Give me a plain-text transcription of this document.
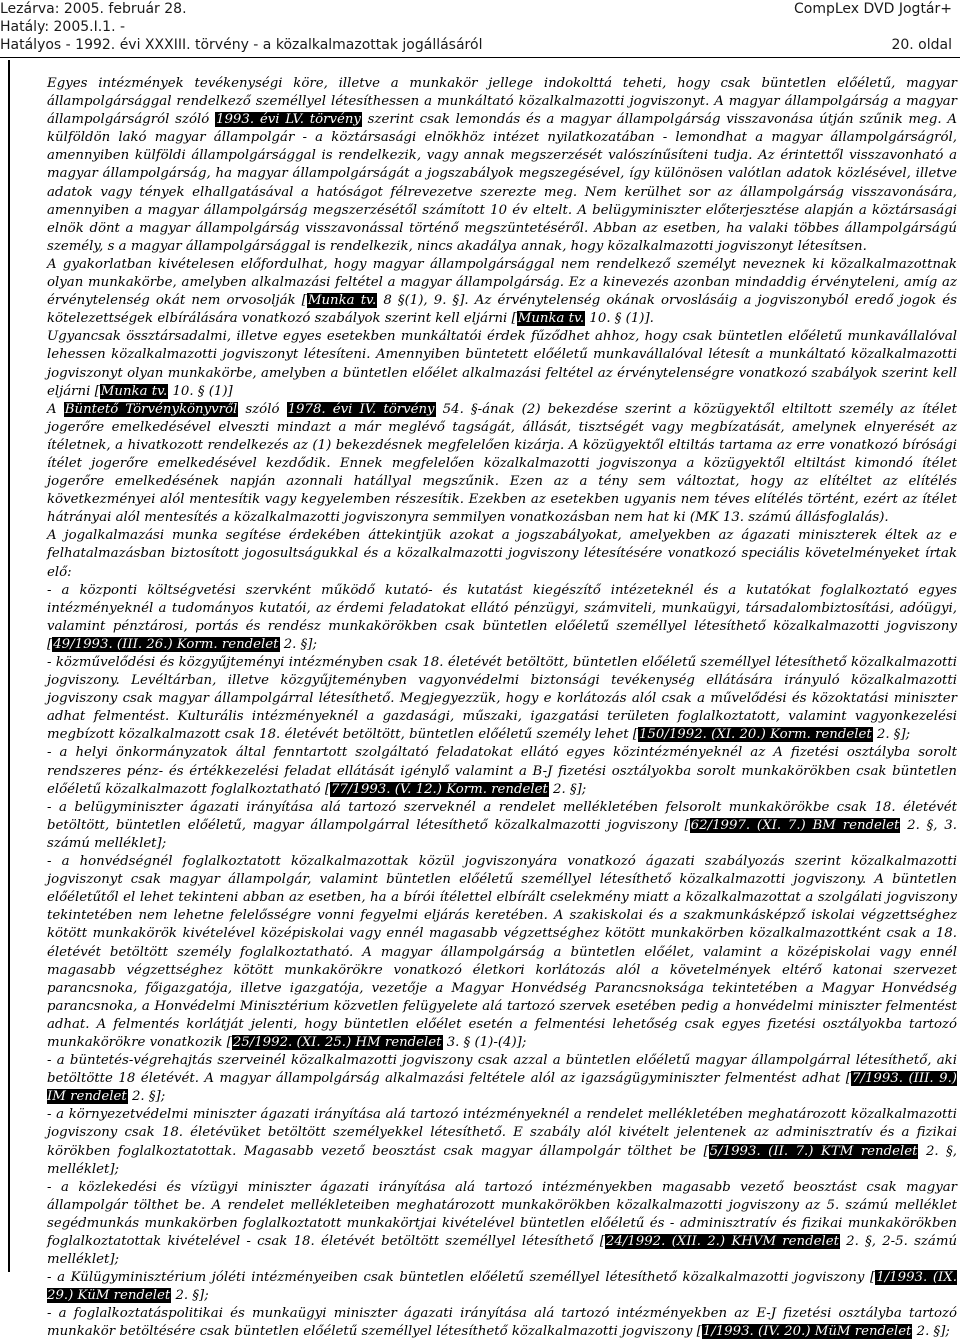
Lezárva: 2005. február 28.	CompLex DVD Jogtár+
Hatály: 2005.I.1. -
Hatályos - 1992. évi XXXIII. törvény - a közalkalmazottak jogállásáról	20. oldal

Egyes intézmények tevékenységi köre, illetve a munkakör jellege indokolttá teheti, hogy csak büntetlen előéletű, magyar állampolgársággal rendelkező személlyel létesíthessen a munkáltató közalkalmazotti jogviszonyt. A magyar állampolgárság a magyar állampolgárságról szóló 1993. évi LV. törvény szerint csak lemondás és a magyar állampolgárság visszavonása útján szűnik meg. A külföldön lakó magyar állampolgár - a köztársasági elnökhöz intézet nyilatkozatában - lemondhat a magyar állampolgárságról, amennyiben külföldi állampolgársággal is rendelkezik, vagy annak megszerzését valószínűsíteni tudja. Az érintettől visszavonható a magyar állampolgárság, ha magyar állampolgárságát a jogszabályok megszegésével, így különösen valótlan adatok közlésével, illetve adatok vagy tények elhallgatásával a hatóságot félrevezetve szerezte meg. Nem kerülhet sor az állampolgárság visszavonására, amennyiben a magyar állampolgárság megszerzésétől számított 10 év eltelt. A belügyminiszter előterjesztése alapján a köztársasági elnök dönt a magyar állampolgárság visszavonással történő megszüntetéséről. Abban az esetben, ha valaki többes állampolgárságú személy, s a magyar állampolgársággal is rendelkezik, nincs akadálya annak, hogy közalkalmazotti jogviszonyt létesítsen.

A gyakorlatban kivételesen előfordulhat, hogy magyar állampolgársággal nem rendelkező személyt neveznek ki közalkalmazottnak olyan munkakörbe, amelyben alkalmazási feltétel a magyar állampolgárság. Ez a kinevezés azonban mindaddig érvényteleni, amíg az érvénytelenség okát nem orvosolják [Munka tv. 8 §(1), 9. §]. Az érvénytelenség okának orvoslásáig a jogviszonyból eredő jogok és kötelezettségek elbírálására vonatkozó szabályok szerint kell eljárni [Munka tv. 10. § (1)].

Ugyancsak össztársadalmi, illetve egyes esetekben munkáltatói érdek fűződhet ahhoz, hogy csak büntetlen előéletű munkavállalóval lehessen közalkalmazotti jogviszonyt létesíteni. Amennyiben büntetett előéletű munkavállalóval létesít a munkáltató közalkalmazotti jogviszonyt olyan munkakörbe, amelyben a büntetlen előélet alkalmazási feltétel az érvénytelenségre vonatkozó szabályok szerint kell eljárni [Munka tv. 10. § (1)]

A Büntető Törvénykönyvről szóló 1978. évi IV. törvény 54. §-ának (2) bekezdése szerint a közügyektől eltiltott személy az ítélet jogerőre emelkedésével elveszti mindazt a már meglévő tagságát, állását, tisztségét vagy megbízatását, amelynek elnyerését az ítéletnek, a hivatkozott rendelkezés az (1) bekezdésnek megfelelően kizárja. A közügyektől eltiltás tartama az erre vonatkozó bírósági ítélet jogerőre emelkedésével kezdődik. Ennek megfelelően közalkalmazotti jogviszonya a közügyektől eltiltást kimondó ítélet jogerőre emelkedésének napján azonnali hatállyal megszűnik. Ezen az a tény sem változtat, hogy az elítéltet az elítélés következményei alól mentesítik vagy kegyelemben részesítik. Ezekben az esetekben ugyanis nem téves elítélés történt, ezért az ítélet hátrányai alól mentesítés a közalkalmazotti jogviszonyra semmilyen vonatkozásban nem hat ki (MK 13. számú állásfoglalás).

A jogalkalmazási munka segítése érdekében áttekintjük azokat a jogszabályokat, amelyekben az ágazati miniszterek éltek az e felhatalmazásban biztosított jogosultságukkal és a közalkalmazotti jogviszony létesítésére vonatkozó speciális követelményeket írtak elő:

- a központi költségvetési szervként működő kutató- és kutatást kiegészítő intézeteknél és a kutatókat foglalkoztató egyes intézményeknél a tudományos kutatói, az érdemi feladatokat ellátó pénzügyi, számviteli, munkaügyi, társadalombiztosítási, adóügyi, valamint pénztárosi, portás és rendész munkakörökben csak büntetlen előéletű személlyel létesíthető közalkalmazotti jogviszony [49/1993. (III. 26.) Korm. rendelet 2. §];

- közművelődési és közgyűjteményi intézményben csak 18. életévét betöltött, büntetlen előéletű személlyel létesíthető közalkalmazotti jogviszony. Levéltárban, illetve közgyűjteményben vagyonvédelmi biztonsági tevékenység ellátására irányuló közalkalmazotti jogviszony csak magyar állampolgárral létesíthető. Megjegyezzük, hogy e korlátozás alól csak a művelődési és közoktatási miniszter adhat felmentést. Kulturális intézményeknél a gazdasági, műszaki, igazgatási területen foglalkoztatott, valamint vagyonkezelési megbízott közalkalmazott csak 18. életévét betöltött, büntetlen előéletű személy lehet [150/1992. (XI. 20.) Korm. rendelet 2. §];

- a helyi önkormányzatok által fenntartott szolgáltató feladatokat ellátó egyes közintézményeknél az A fizetési osztályba sorolt rendszeres pénz- és értékkezelési feladat ellátását igénylő valamint a B-J fizetési osztályokba sorolt munkakörökben csak büntetlen előéletű közalkalmazott foglalkoztatható [77/1993. (V. 12.) Korm. rendelet 2. §];

- a belügyminiszter ágazati irányítása alá tartozó szerveknél a rendelet mellékletében felsorolt munkakörökbe csak 18. életévét betöltött, büntetlen előéletű, magyar állampolgárral létesíthető közalkalmazotti jogviszony [62/1997. (XI. 7.) BM rendelet 2. §, 3. számú melléklet];

- a honvédségnél foglalkoztatott közalkalmazottak közül jogviszonyára vonatkozó ágazati szabályozás szerint közalkalmazotti jogviszonyt csak magyar állampolgár, valamint büntetlen előéletű személlyel létesíthető közalkalmazotti jogviszony. A büntetlen előéletűtől el lehet tekinteni abban az esetben, ha a bírói ítélettel elbírált cselekmény miatt a közalkalmazottat a szolgálati jogviszony tekintetében nem lehetne felelősségre vonni fegyelmi eljárás keretében. A szakiskolai és a szakmunkásképző iskolai végzettséghez kötött munkakörök kivételével középiskolai vagy ennél magasabb végzettséghez kötött munkakörben közalkalmazottként csak a 18. életévét betöltött személy foglalkoztatható. A magyar állampolgárság a büntetlen előélet, valamint a középiskolai vagy ennél magasabb végzettséghez kötött munkakörökre vonatkozó életkori korlátozás alól a követelmények eltérő katonai szervezet parancsnoka, főigazgatója, illetve igazgatója, vezetője a Magyar Honvédség Parancsnoksága tekintetében a Magyar Honvédség parancsnoka, a Honvédelmi Minisztérium közvetlen felügyelete alá tartozó szervek esetében pedig a honvédelmi miniszter felmentést adhat. A felmentés korlátját jelenti, hogy büntetlen előélet esetén a felmentési lehetőség csak egyes fizetési osztályokba tartozó munkakörökre vonatkozik [25/1992. (XI. 25.) HM rendelet 3. § (1)-(4)];

- a büntetés-végrehajtás szerveinél közalkalmazotti jogviszony csak azzal a büntetlen előéletű magyar állampolgárral létesíthető, aki betöltötte 18 életévét. A magyar állampolgárság alkalmazási feltétele alól az igazságügyminiszter felmentést adhat [7/1993. (III. 9.) IM rendelet 2. §];

- a környezetvédelmi miniszter ágazati irányítása alá tartozó intézményeknél a rendelet mellékletében meghatározott közalkalmazotti jogviszony csak 18. életévüket betöltött személyekkel létesíthető. E szabály alól kivételt jelentenek az adminisztratív és a fizikai körökben foglalkoztatottak. Magasabb vezető beosztást csak magyar állampolgár tölthet be [5/1993. (II. 7.) KTM rendelet 2. §, melléklet];

- a közlekedési és vízügyi miniszter ágazati irányítása alá tartozó intézményekben magasabb vezető beosztást csak magyar állampolgár tölthet be. A rendelet mellékleteiben meghatározott munkakörökben közalkalmazotti jogviszony az 5. számú melléklet segédmunkás munkakörben foglalkoztatott munkakörtjai kivételével büntetlen előéletű és - adminisztratív és fizikai munkakörökben foglalkoztatottak kivételével - csak 18. életévét betöltött személlyel létesíthető [24/1992. (XII. 2.) KHVM rendelet 2. §, 2-5. számú melléklet];

- a Külügyminisztérium jóléti intézményeiben csak büntetlen előéletű személlyel létesíthető közalkalmazotti jogviszony [1/1993. (IX. 29.) KüM rendelet 2. §];

- a foglalkoztatáspolitikai és munkaügyi miniszter ágazati irányítása alá tartozó intézményekben az E-J fizetési osztályba tartozó munkakör betöltésére csak büntetlen előéletű személlyel létesíthető közalkalmazotti jogviszony [1/1993. (IV. 20.) MüM rendelet 2. §];
